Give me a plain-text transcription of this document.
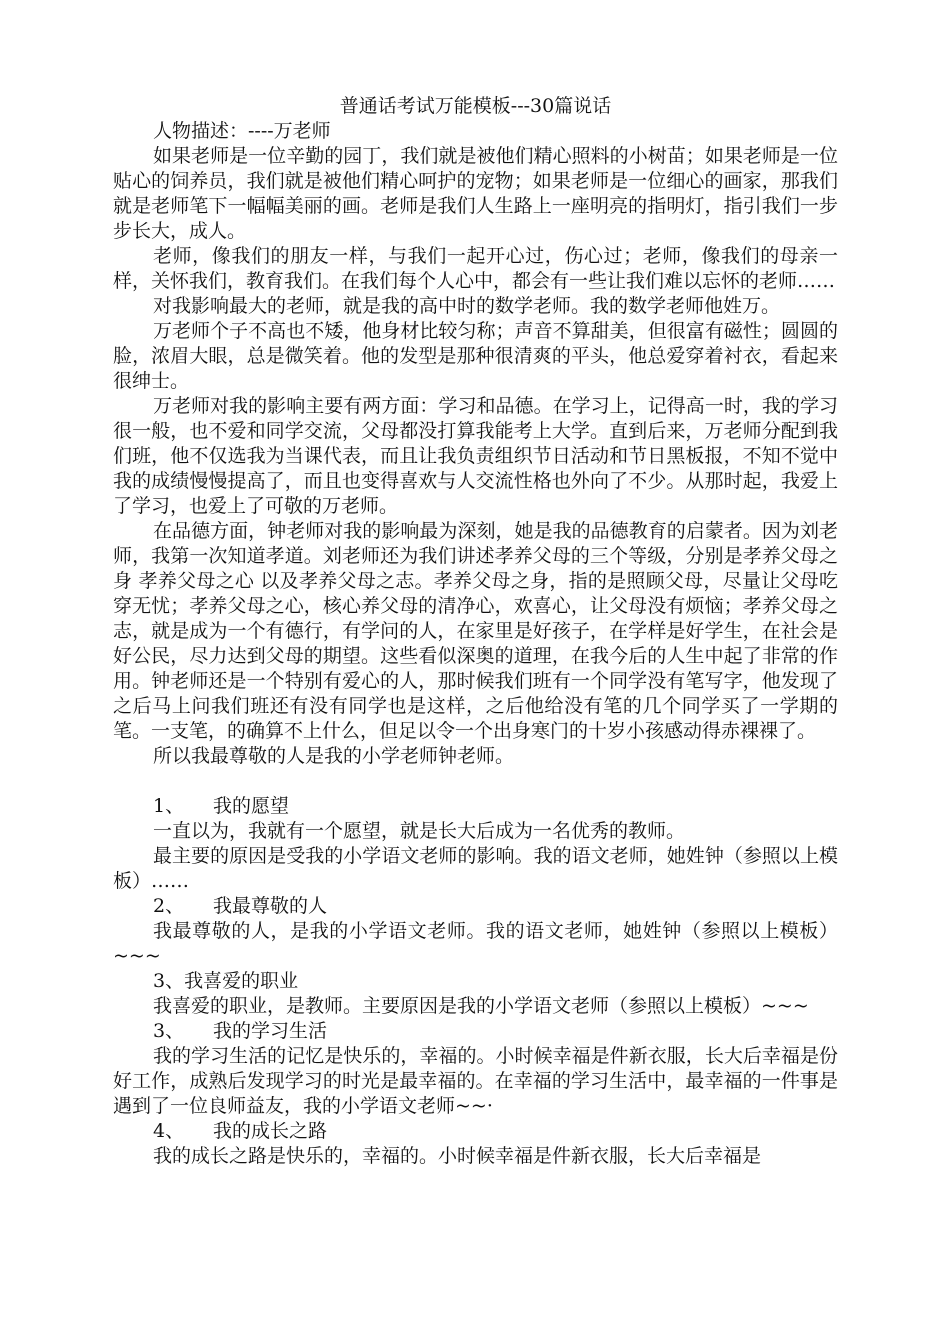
普通话考试万能模板---30篇说话

人物描述：----万老师

如果老师是一位辛勤的园丁，我们就是被他们精心照料的小树苗；如果老师是一位贴心的饲养员，我们就是被他们精心呵护的宠物；如果老师是一位细心的画家，那我们就是老师笔下一幅幅美丽的画。老师是我们人生路上一座明亮的指明灯，指引我们一步步长大，成人。

老师，像我们的朋友一样，与我们一起开心过，伤心过；老师，像我们的母亲一样，关怀我们，教育我们。在我们每个人心中，都会有一些让我们难以忘怀的老师……

对我影响最大的老师，就是我的高中时的数学老师。我的数学老师他姓万。

万老师个子不高也不矮，他身材比较匀称；声音不算甜美，但很富有磁性；圆圆的脸，浓眉大眼，总是微笑着。他的发型是那种很清爽的平头，他总爱穿着衬衣，看起来很绅士。

万老师对我的影响主要有两方面：学习和品德。在学习上，记得高一时，我的学习很一般，也不爱和同学交流，父母都没打算我能考上大学。直到后来，万老师分配到我们班，他不仅选我为当课代表，而且让我负责组织节日活动和节日黑板报，不知不觉中我的成绩慢慢提高了，而且也变得喜欢与人交流性格也外向了不少。从那时起，我爱上了学习，也爱上了可敬的万老师。

在品德方面，钟老师对我的影响最为深刻，她是我的品德教育的启蒙者。因为刘老师，我第一次知道孝道。刘老师还为我们讲述孝养父母的三个等级，分别是孝养父母之身 孝养父母之心 以及孝养父母之志。孝养父母之身，指的是照顾父母，尽量让父母吃穿无忧；孝养父母之心，核心养父母的清净心，欢喜心，让父母没有烦恼；孝养父母之志，就是成为一个有德行，有学问的人，在家里是好孩子，在学样是好学生，在社会是好公民，尽力达到父母的期望。这些看似深奥的道理，在我今后的人生中起了非常的作用。钟老师还是一个特别有爱心的人，那时候我们班有一个同学没有笔写字，他发现了之后马上问我们班还有没有同学也是这样，之后他给没有笔的几个同学买了一学期的笔。一支笔，的确算不上什么，但足以令一个出身寒门的十岁小孩感动得赤裸裸了。

所以我最尊敬的人是我的小学老师钟老师。

1、 我的愿望

一直以为，我就有一个愿望，就是长大后成为一名优秀的教师。

最主要的原因是受我的小学语文老师的影响。我的语文老师，她姓钟（参照以上模板）……

2、 我最尊敬的人

我最尊敬的人，是我的小学语文老师。我的语文老师，她姓钟（参照以上模板）~~~

3、我喜爱的职业

我喜爱的职业，是教师。主要原因是我的小学语文老师（参照以上模板）~~~

3、 我的学习生活

我的学习生活的记忆是快乐的，幸福的。小时候幸福是件新衣服，长大后幸福是份好工作，成熟后发现学习的时光是最幸福的。在幸福的学习生活中，最幸福的一件事是遇到了一位良师益友，我的小学语文老师~~·

4、 我的成长之路

我的成长之路是快乐的，幸福的。小时候幸福是件新衣服，长大后幸福是
